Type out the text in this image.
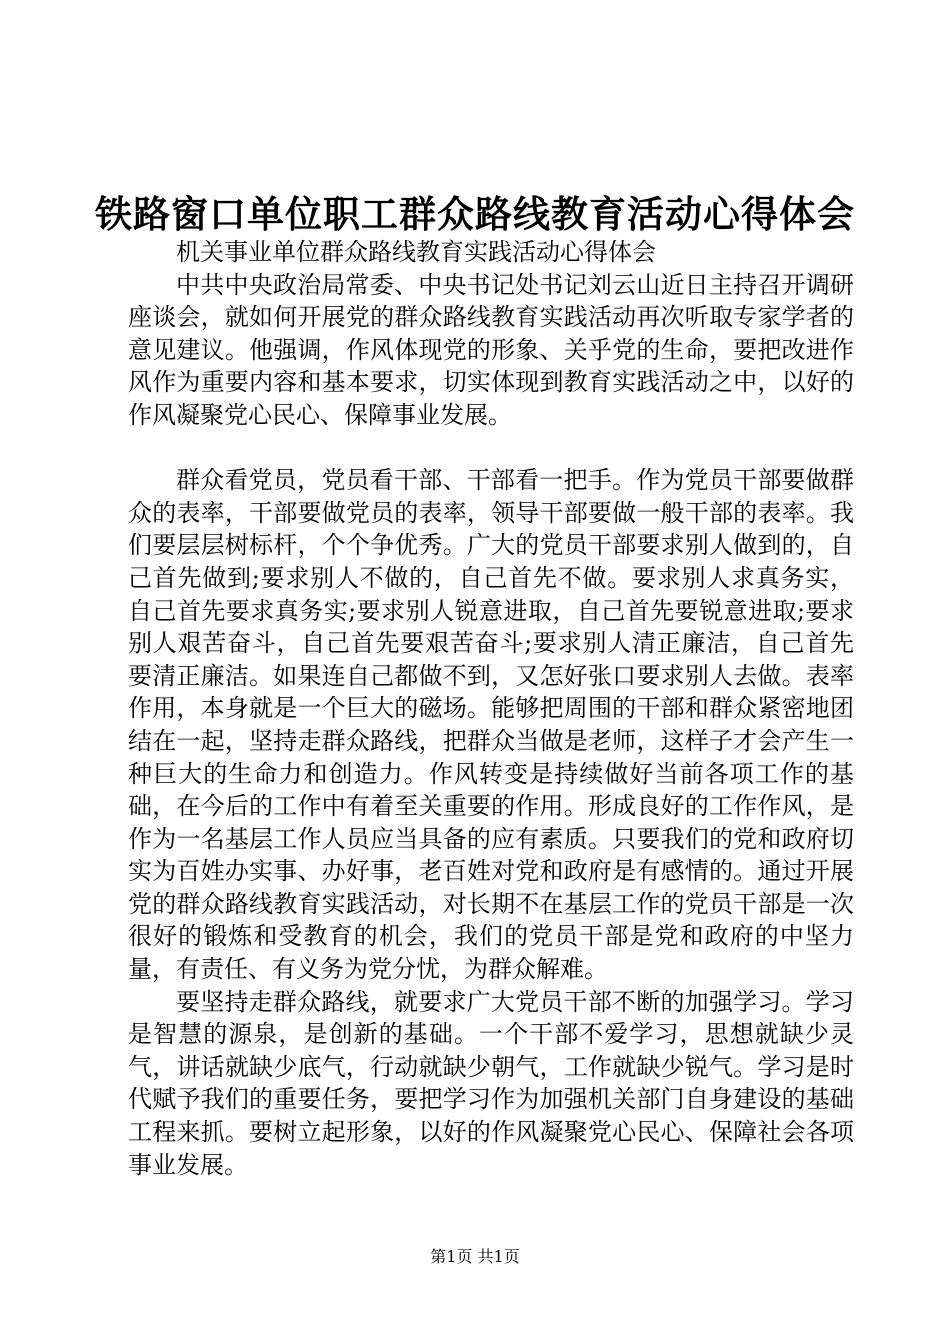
铁路窗口单位职工群众路线教育活动心得体会

机关事业单位群众路线教育实践活动心得体会

中共中央政治局常委、中央书记处书记刘云山近日主持召开调研座谈会，就如何开展党的群众路线教育实践活动再次听取专家学者的意见建议。他强调，作风体现党的形象、关乎党的生命，要把改进作风作为重要内容和基本要求，切实体现到教育实践活动之中，以好的作风凝聚党心民心、保障事业发展。

群众看党员，党员看干部、干部看一把手。作为党员干部要做群众的表率，干部要做党员的表率，领导干部要做一般干部的表率。我们要层层树标杆，个个争优秀。广大的党员干部要求别人做到的，自己首先做到;要求别人不做的，自己首先不做。要求别人求真务实，自己首先要求真务实;要求别人锐意进取，自己首先要锐意进取;要求别人艰苦奋斗，自己首先要艰苦奋斗;要求别人清正廉洁，自己首先要清正廉洁。如果连自己都做不到，又怎好张口要求别人去做。表率作用，本身就是一个巨大的磁场。能够把周围的干部和群众紧密地团结在一起，坚持走群众路线，把群众当做是老师，这样子才会产生一种巨大的生命力和创造力。作风转变是持续做好当前各项工作的基础，在今后的工作中有着至关重要的作用。形成良好的工作作风，是作为一名基层工作人员应当具备的应有素质。只要我们的党和政府切实为百姓办实事、办好事，老百姓对党和政府是有感情的。通过开展党的群众路线教育实践活动，对长期不在基层工作的党员干部是一次很好的锻炼和受教育的机会，我们的党员干部是党和政府的中坚力量，有责任、有义务为党分忧，为群众解难。

要坚持走群众路线，就要求广大党员干部不断的加强学习。学习是智慧的源泉，是创新的基础。一个干部不爱学习，思想就缺少灵气，讲话就缺少底气，行动就缺少朝气，工作就缺少锐气。学习是时代赋予我们的重要任务，要把学习作为加强机关部门自身建设的基础工程来抓。要树立起形象，以好的作风凝聚党心民心、保障社会各项事业发展。

第1页 共1页
